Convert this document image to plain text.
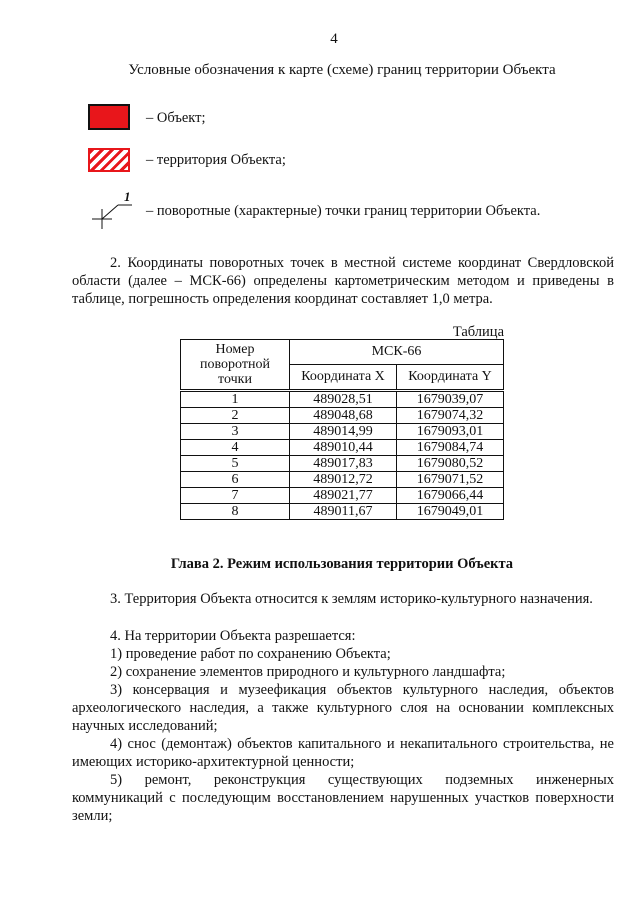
4
Условные обозначения к карте (схеме) границ территории Объекта
– Объект;
– территория Объекта;
1
– поворотные (характерные) точки границ территории Объекта.
2. Координаты поворотных точек в местной системе координат Свердловской области (далее – МСК-66) определены картометрическим методом и приведены в таблице, погрешность определения координат составляет 1,0 метра.
Таблица
Номер поворотной точки	МСК-66	
	Координата X	Координата Y
1	489028,51	1679039,07
2	489048,68	1679074,32
3	489014,99	1679093,01
4	489010,44	1679084,74
5	489017,83	1679080,52
6	489012,72	1679071,52
7	489021,77	1679066,44
8	489011,67	1679049,01
Глава 2. Режим использования территории Объекта
3. Территория Объекта относится к землям историко-культурного назначения.
4. На территории Объекта разрешается:
1) проведение работ по сохранению Объекта;
2) сохранение элементов природного и культурного ландшафта;
3) консервация и музеефикация объектов культурного наследия, объектов археологического наследия, а также культурного слоя на основании комплексных научных исследований;
4) снос (демонтаж) объектов капитального и некапитального строительства, не имеющих историко-архитектурной ценности;
5) ремонт, реконструкция существующих подземных инженерных коммуникаций с последующим восстановлением нарушенных участков поверхности земли;
